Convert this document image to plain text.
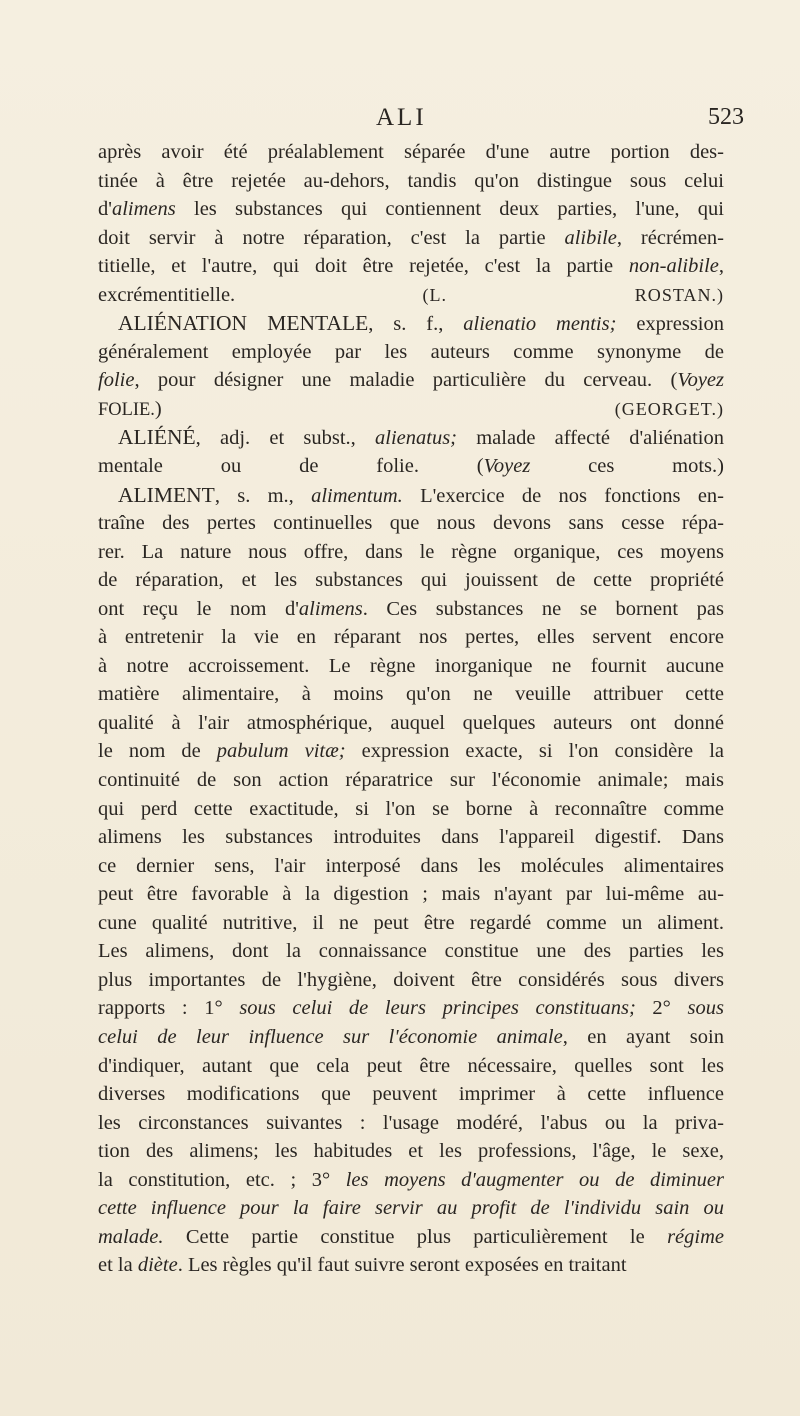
ALI	523
après avoir été préalablement séparée d'une autre portion des-
tinée à être rejetée au-dehors, tandis qu'on distingue sous celui
d'alimens les substances qui contiennent deux parties, l'une, qui
doit servir à notre réparation, c'est la partie alibile, récrémen-
titielle, et l'autre, qui doit être rejetée, c'est la partie non-alibile,
excrémentitielle. (L. ROSTAN.)
ALIÉNATION MENTALE, s. f., alienatio mentis; expression
généralement employée par les auteurs comme synonyme de
folie, pour désigner une maladie particulière du cerveau. (Voyez
FOLIE.) (GEORGET.)
ALIÉNÉ, adj. et subst., alienatus; malade affecté d'aliénation
mentale ou de folie. (Voyez ces mots.)
ALIMENT, s. m., alimentum. L'exercice de nos fonctions en-
traîne des pertes continuelles que nous devons sans cesse répa-
rer. La nature nous offre, dans le règne organique, ces moyens
de réparation, et les substances qui jouissent de cette propriété
ont reçu le nom d'alimens. Ces substances ne se bornent pas
à entretenir la vie en réparant nos pertes, elles servent encore
à notre accroissement. Le règne inorganique ne fournit aucune
matière alimentaire, à moins qu'on ne veuille attribuer cette
qualité à l'air atmosphérique, auquel quelques auteurs ont donné
le nom de pabulum vitæ; expression exacte, si l'on considère la
continuité de son action réparatrice sur l'économie animale; mais
qui perd cette exactitude, si l'on se borne à reconnaître comme
alimens les substances introduites dans l'appareil digestif. Dans
ce dernier sens, l'air interposé dans les molécules alimentaires
peut être favorable à la digestion ; mais n'ayant par lui-même au-
cune qualité nutritive, il ne peut être regardé comme un aliment.
Les alimens, dont la connaissance constitue une des parties les
plus importantes de l'hygiène, doivent être considérés sous divers
rapports : 1° sous celui de leurs principes constituans; 2° sous
celui de leur influence sur l'économie animale, en ayant soin
d'indiquer, autant que cela peut être nécessaire, quelles sont les
diverses modifications que peuvent imprimer à cette influence
les circonstances suivantes : l'usage modéré, l'abus ou la priva-
tion des alimens; les habitudes et les professions, l'âge, le sexe,
la constitution, etc. ; 3° les moyens d'augmenter ou de diminuer
cette influence pour la faire servir au profit de l'individu sain ou
malade. Cette partie constitue plus particulièrement le régime
et la diète. Les règles qu'il faut suivre seront exposées en traitant
